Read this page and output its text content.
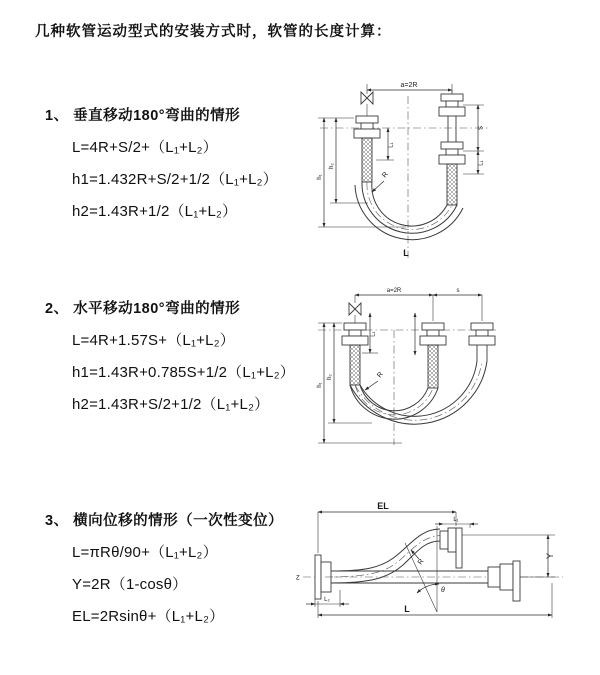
几种软管运动型式的安装方式时，软管的长度计算：
1、 垂直移动180°弯曲的情形
L=4R+S/2+（L₁+L₂）
h1=1.432R+S/2+1/2（L₁+L₂）
h2=1.43R+1/2（L₁+L₂）
2、 水平移动180°弯曲的情形
L=4R+1.57S+（L₁+L₂）
h1=1.43R+0.785S+1/2（L₁+L₂）
h2=1.43R+S/2+1/2（L₁+L₂）
3、 横向位移的情形（一次性变位）
L=πRθ/90+（L₁+L₂）
Y=2R（1-cosθ）
EL=2Rsinθ+（L₁+L₂）
a=2R
R
h₁
h₂
S
L₁
L₁
L
a=2R	s
R
h₁
h₂
L₁
Z
EL
L₁
Y
θ
R
L₂
L
